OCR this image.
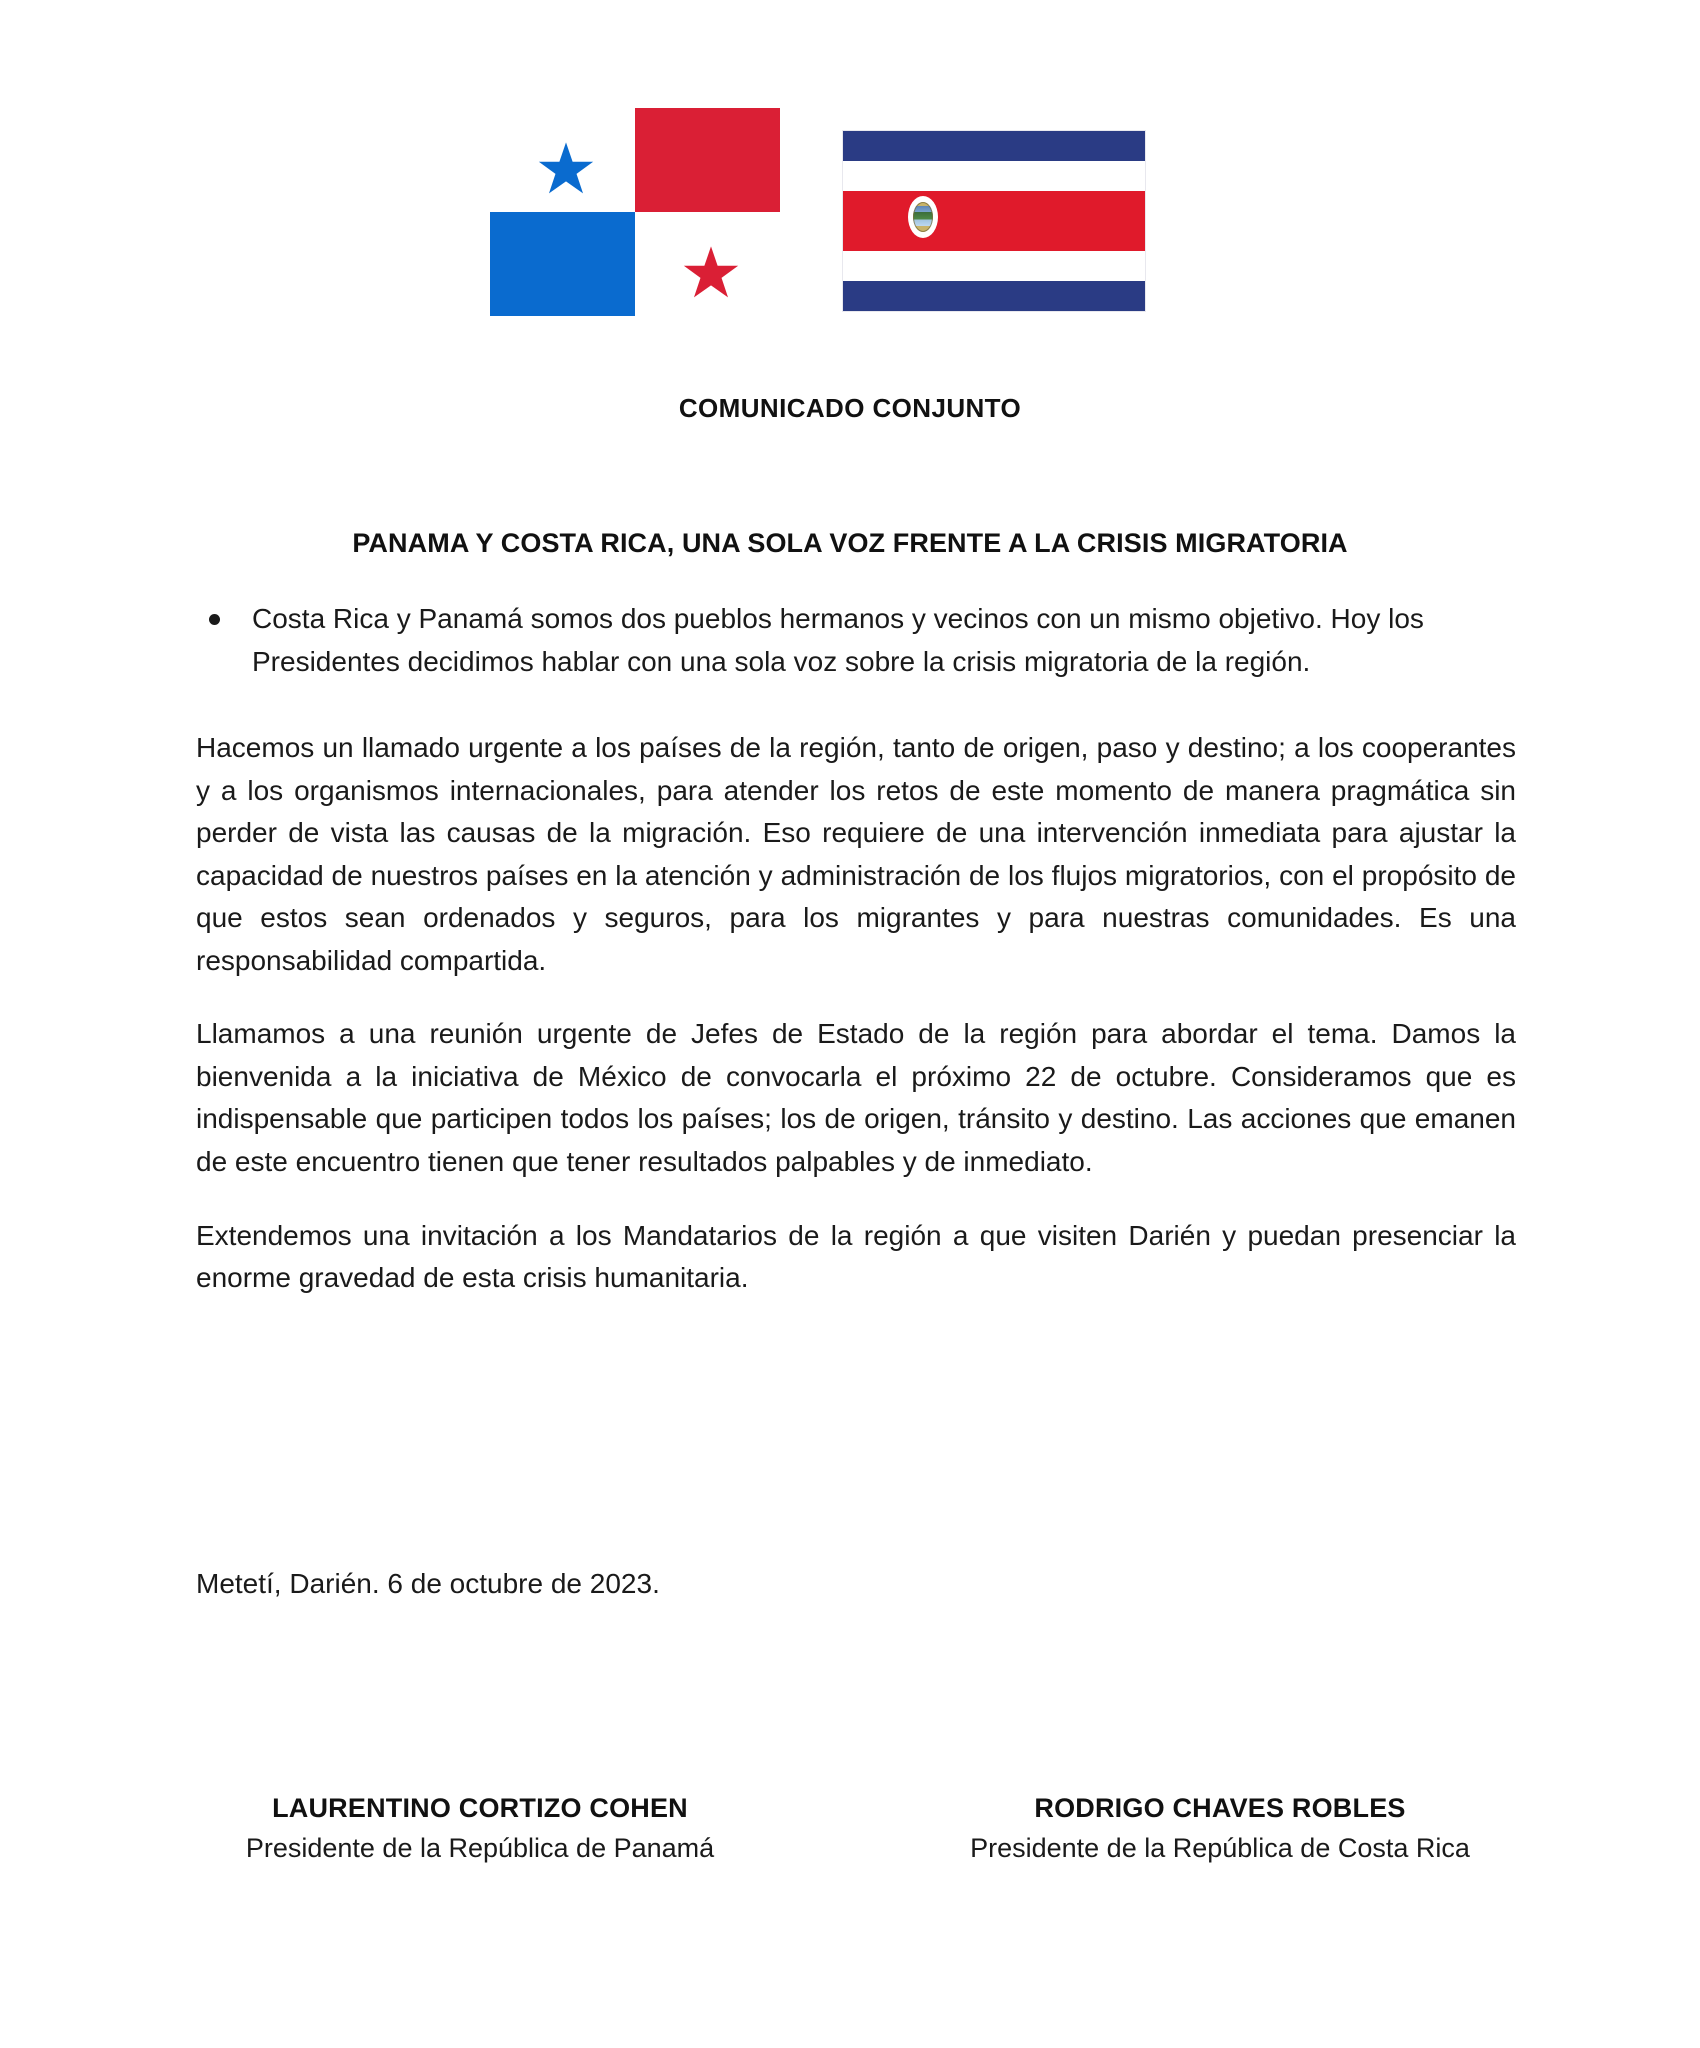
COMUNICADO CONJUNTO
PANAMA Y COSTA RICA, UNA SOLA VOZ FRENTE A LA CRISIS MIGRATORIA
Costa Rica y Panamá somos dos pueblos hermanos y vecinos con un mismo objetivo. Hoy los Presidentes decidimos hablar con una sola voz sobre la crisis migratoria de la región.

Hacemos un llamado urgente a los países de la región, tanto de origen, paso y destino; a los cooperantes y a los organismos internacionales, para atender los retos de este momento de manera pragmática sin perder de vista las causas de la migración. Eso requiere de una intervención inmediata para ajustar la capacidad de nuestros países en la atención y administración de los flujos migratorios, con el propósito de que estos sean ordenados y seguros, para los migrantes y para nuestras comunidades. Es una responsabilidad compartida.

Llamamos a una reunión urgente de Jefes de Estado de la región para abordar el tema. Damos la bienvenida a la iniciativa de México de convocarla el próximo 22 de octubre. Consideramos que es indispensable que participen todos los países; los de origen, tránsito y destino. Las acciones que emanen de este encuentro tienen que tener resultados palpables y de inmediato.

Extendemos una invitación a los Mandatarios de la región a que visiten Darién y puedan presenciar la enorme gravedad de esta crisis humanitaria.

Metetí, Darién. 6 de octubre de 2023.

LAURENTINO CORTIZO COHEN
Presidente de la República de Panamá
RODRIGO CHAVES ROBLES
Presidente de la República de Costa Rica
